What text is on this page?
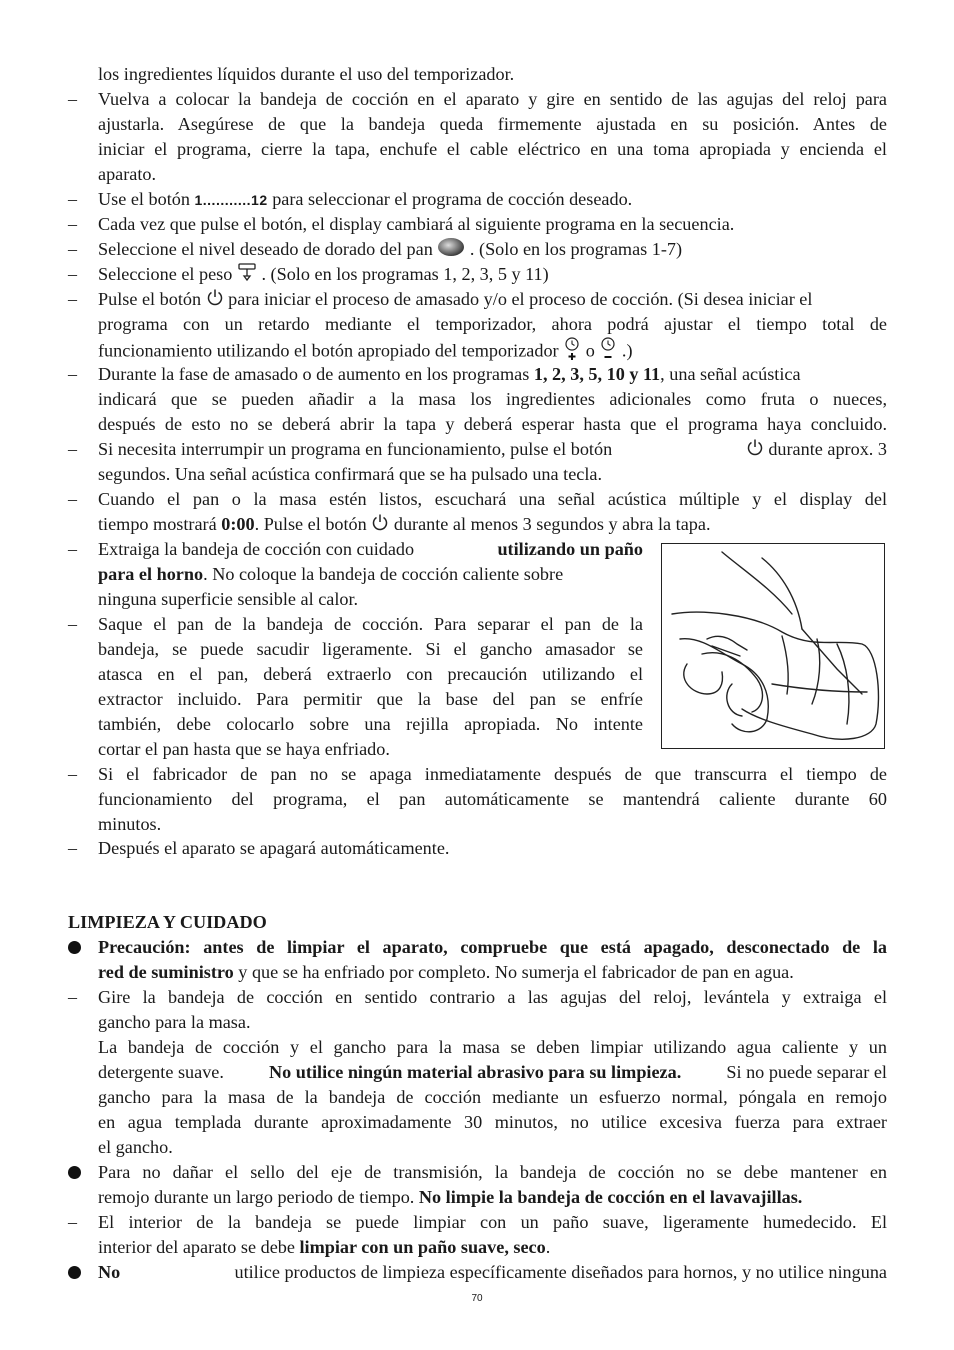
los ingredientes líquidos durante el uso del temporizador.
– Vuelva a colocar la bandeja de cocción en el aparato y gire en sentido de las agujas del reloj para
ajustarla. Asegúrese de que la bandeja queda firmemente ajustada en su posición. Antes de
iniciar el programa, cierre la tapa, enchufe el cable eléctrico en una toma apropiada y encienda el
aparato.
– Use el botón 1...........12 para seleccionar el programa de cocción deseado.
– Cada vez que pulse el botón, el display cambiará al siguiente programa en la secuencia.
– Seleccione el nivel deseado de dorado del pan . (Solo en los programas 1-7)
– Seleccione el peso . (Solo en los programas 1, 2, 3, 5 y 11)
– Pulse el botón para iniciar el proceso de amasado y/o el proceso de cocción. (Si desea iniciar el
programa con un retardo mediante el temporizador, ahora podrá ajustar el tiempo total de
funcionamiento utilizando el botón apropiado del temporizador o .)
– Durante la fase de amasado o de aumento en los programas 1, 2, 3, 5, 10 y 11, una señal acústica
indicará que se pueden añadir a la masa los ingredientes adicionales como fruta o nueces,
después de esto no se deberá abrir la tapa y deberá esperar hasta que el programa haya concluido.
– Si necesita interrumpir un programa en funcionamiento, pulse el botón	durante aprox. 3
segundos. Una señal acústica confirmará que se ha pulsado una tecla.
– Cuando el pan o la masa estén listos, escuchará una señal acústica múltiple y el display del
tiempo mostrará 0:00. Pulse el botón durante al menos 3 segundos y abra la tapa.
– Extraiga la bandeja de cocción con cuidado	utilizando un paño
para el horno. No coloque la bandeja de cocción caliente sobre
ninguna superficie sensible al calor.
– Saque el pan de la bandeja de cocción. Para separar el pan de la
bandeja, se puede sacudir ligeramente. Si el gancho amasador se
atasca en el pan, deberá extraerlo con precaución utilizando el
extractor incluido. Para permitir que la base del pan se enfríe
también, debe colocarlo sobre una rejilla apropiada. No intente
cortar el pan hasta que se haya enfriado.
– Si el fabricador de pan no se apaga inmediatamente después de que transcurra el tiempo de
funcionamiento del programa, el pan automáticamente se mantendrá caliente durante 60
minutos.
– Después el aparato se apagará automáticamente.
LIMPIEZA Y CUIDADO
Precaución: antes de limpiar el aparato, compruebe que está apagado, desconectado de la
red de suministro y que se ha enfriado por completo. No sumerja el fabricador de pan en agua.
– Gire la bandeja de cocción en sentido contrario a las agujas del reloj, levántela y extraiga el
gancho para la masa.
La bandeja de cocción y el gancho para la masa se deben limpiar utilizando agua caliente y un
detergente suave. No utilice ningún material abrasivo para su limpieza. Si no puede separar el
gancho para la masa de la bandeja de cocción mediante un esfuerzo normal, póngala en remojo
en agua templada durante aproximadamente 30 minutos, no utilice excesiva fuerza para extraer
el gancho.
Para no dañar el sello del eje de transmisión, la bandeja de cocción no se debe mantener en
remojo durante un largo periodo de tiempo. No limpie la bandeja de cocción en el lavavajillas.
– El interior de la bandeja se puede limpiar con un paño suave, ligeramente humedecido. El
interior del aparato se debe limpiar con un paño suave, seco.
No	utilice productos de limpieza específicamente diseñados para hornos, y no utilice ninguna
70
